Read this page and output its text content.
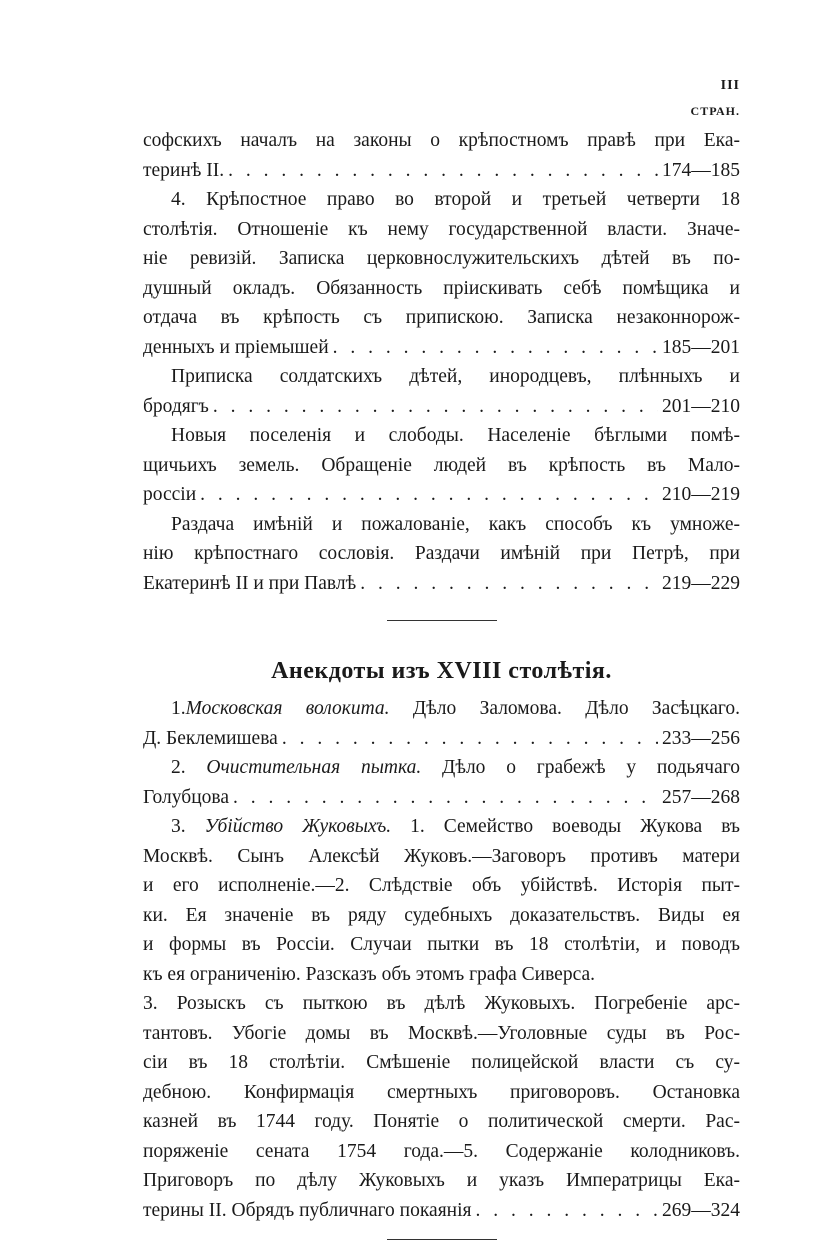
III
СТРАН.
софскихъ началъ на законы о крѣпостномъ правѣ при Ека-
теринѣ II. . . .	174—185
4. Крѣпостное право во второй и третьей четверти 18
столѣтія. Отношеніе къ нему государственной власти. Значе-
ніе ревизій. Записка церковнослужительскихъ дѣтей въ по-
душный окладъ. Обязанность пріискивать себѣ помѣщика и
отдача въ крѣпость съ припискою. Записка незаконнорож-
денныхъ и пріемышей . . .	185—201
Приписка солдатскихъ дѣтей, инородцевъ, плѣнныхъ и
бродягъ . . .	201—210
Новыя поселенія и слободы. Населеніе бѣглыми помѣ-
щичьихъ земель. Обращеніе людей въ крѣпость въ Мало-
россіи . . .	210—219
Раздача имѣній и пожалованіе, какъ способъ къ умноже-
нію крѣпостнаго сословія. Раздачи имѣній при Петрѣ, при
Екатеринѣ II и при Павлѣ . . .	219—229
Анекдоты изъ XVIII столѣтія.
1.Московская волокита. Дѣло Заломова. Дѣло Засѣцкаго.
Д. Беклемишева . . .	233—256
2. Очистительная пытка. Дѣло о грабежѣ у подьячаго
Голубцова . . .	257—268
3. Убійство Жуковыхъ. 1. Семейство воеводы Жукова въ
Москвѣ. Сынъ Алексѣй Жуковъ.—Заговоръ противъ матери
и его исполненіе.—2. Слѣдствіе объ убійствѣ. Исторія пыт-
ки. Ея значеніе въ ряду судебныхъ доказательствъ. Виды ея
и формы въ Россіи. Случаи пытки въ 18 столѣтіи, и поводъ
къ ея ограниченію. Разсказъ объ этомъ графа Сиверса.
3. Розыскъ съ пыткою въ дѣлѣ Жуковыхъ. Погребеніе арс-
тантовъ. Убогіе домы въ Москвѣ.—Уголовные суды въ Рос-
сіи въ 18 столѣтіи. Смѣшеніе полицейской власти съ су-
дебною. Конфирмація смертныхъ приговоровъ. Остановка
казней въ 1744 году. Понятіе о политической смерти. Рас-
поряженіе сената 1754 года.—5. Содержаніе колодниковъ.
Приговоръ по дѣлу Жуковыхъ и указъ Императрицы Ека-
терины II. Обрядъ публичнаго покаянія . . .	269—324
